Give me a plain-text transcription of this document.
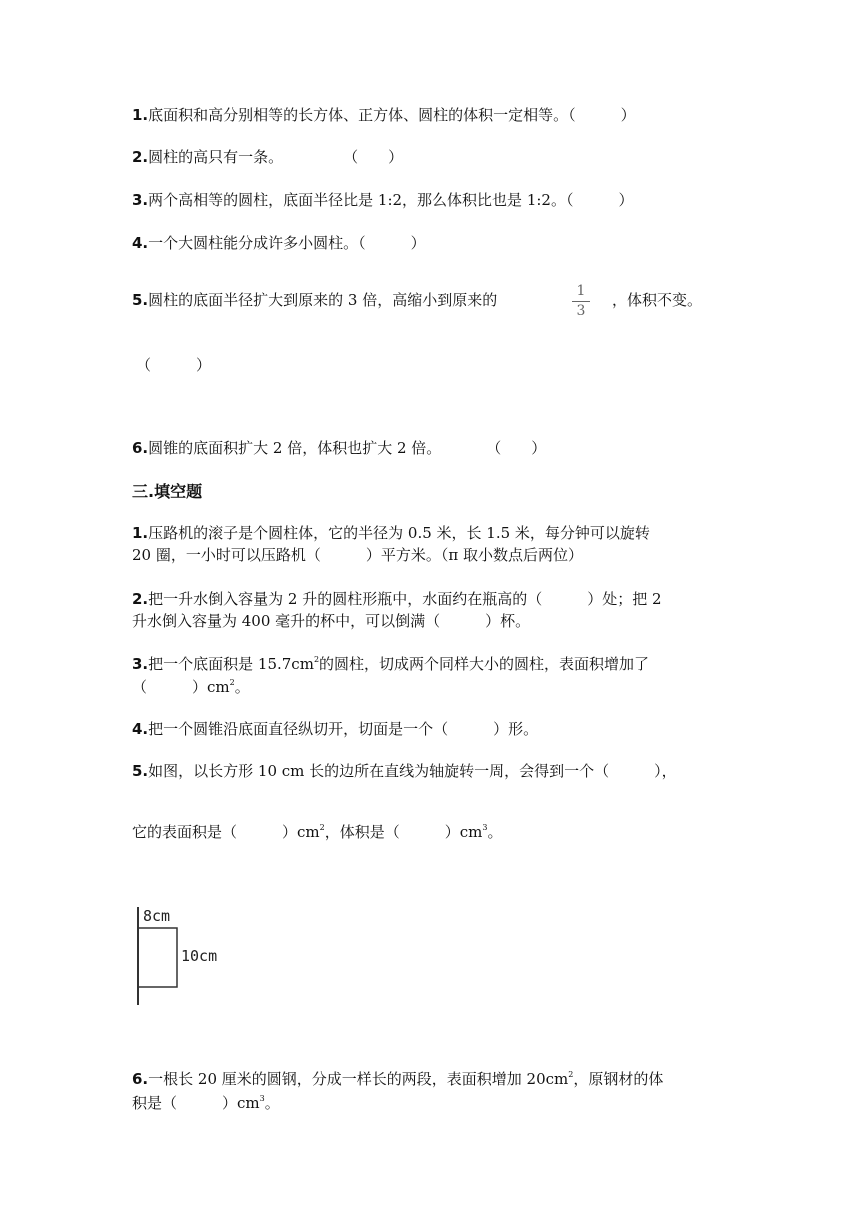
1.底面积和高分别相等的长方体、正方体、圆柱的体积一定相等。（　　　）
2.圆柱的高只有一条。　　　　　（　　）
3.两个高相等的圆柱，底面半径比是 1:2，那么体积比也是 1:2。（　　　）
4.一个大圆柱能分成许多小圆柱。（　　　）
5.圆柱的底面半径扩大到原来的 3 倍，高缩小到原来的	1
3
，体积不变。
（　　　）
6.圆锥的底面积扩大 2 倍，体积也扩大 2 倍。　　　　（　　）
三.填空题
1.压路机的滚子是个圆柱体，它的半径为 0.5 米，长 1.5 米，每分钟可以旋转
20 圈，一小时可以压路机（　　　）平方米。（π 取小数点后两位）
2.把一升水倒入容量为 2 升的圆柱形瓶中，水面约在瓶高的（　　　）处；把 2
升水倒入容量为 400 毫升的杯中，可以倒满（　　　）杯。
3.把一个底面积是 $15.7cm^2$的圆柱，切成两个同样大小的圆柱，表面积增加了
（　　　）$cm^2$。
4.把一个圆锥沿底面直径纵切开，切面是一个（　　　）形。
5.如图，以长方形 10 cm 长的边所在直线为轴旋转一周，会得到一个（　　　），
它的表面积是（　　　）$cm^2$，体积是（　　　）$cm^3$。
8cm
10cm
6.一根长 20 厘米的圆钢，分成一样长的两段，表面积增加 $20cm^2$，原钢材的体
积是（　　　）$cm^3$。
